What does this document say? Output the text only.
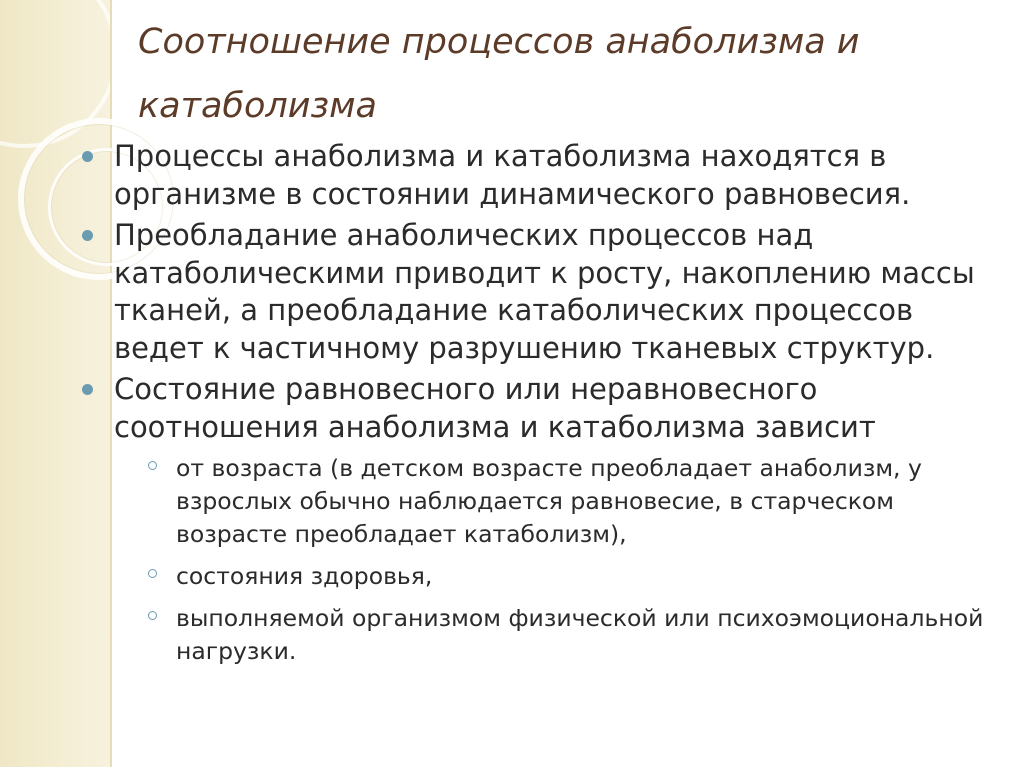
Соотношение процессов анаболизма и катаболизма
Процессы анаболизма и катаболизма находятся в организме в состоянии динамического равновесия.
Преобладание анаболических процессов над катаболическими приводит к росту, накоплению массы тканей, а преобладание катаболических процессов ведет к частичному разрушению тканевых структур.
Состояние равновесного или неравновесного соотношения анаболизма и катаболизма зависит
от возраста (в детском возрасте преобладает анаболизм, у взрослых обычно наблюдается равновесие, в старческом возрасте преобладает катаболизм),
состояния здоровья,
выполняемой организмом физической или психоэмоциональной нагрузки.
